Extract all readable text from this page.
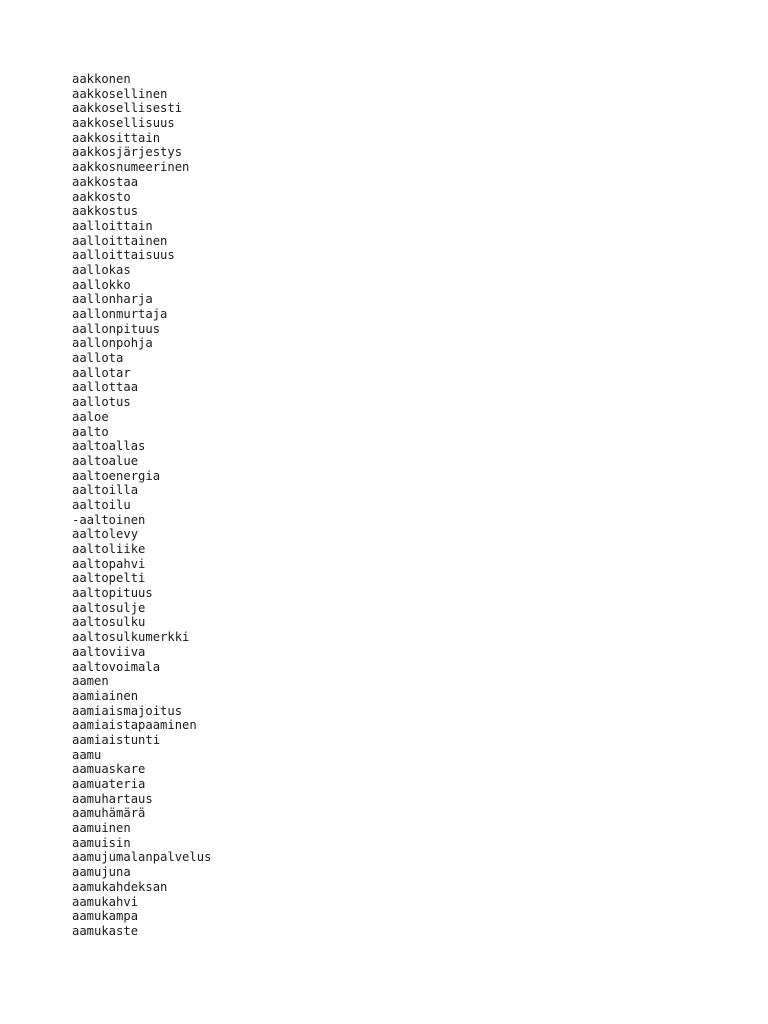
aakkonen
aakkosellinen
aakkosellisesti
aakkosellisuus
aakkosittain
aakkosjärjestys
aakkosnumeerinen
aakkostaa
aakkosto
aakkostus
aalloittain
aalloittainen
aalloittaisuus
aallokas
aallokko
aallonharja
aallonmurtaja
aallonpituus
aallonpohja
aallota
aallotar
aallottaa
aallotus
aaloe
aalto
aaltoallas
aaltoalue
aaltoenergia
aaltoilla
aaltoilu
-aaltoinen
aaltolevy
aaltoliike
aaltopahvi
aaltopelti
aaltopituus
aaltosulje
aaltosulku
aaltosulkumerkki
aaltoviiva
aaltovoimala
aamen
aamiainen
aamiaismajoitus
aamiaistapaaminen
aamiaistunti
aamu
aamuaskare
aamuateria
aamuhartaus
aamuhämärä
aamuinen
aamuisin
aamujumalanpalvelus
aamujuna
aamukahdeksan
aamukahvi
aamukampa
aamukaste
